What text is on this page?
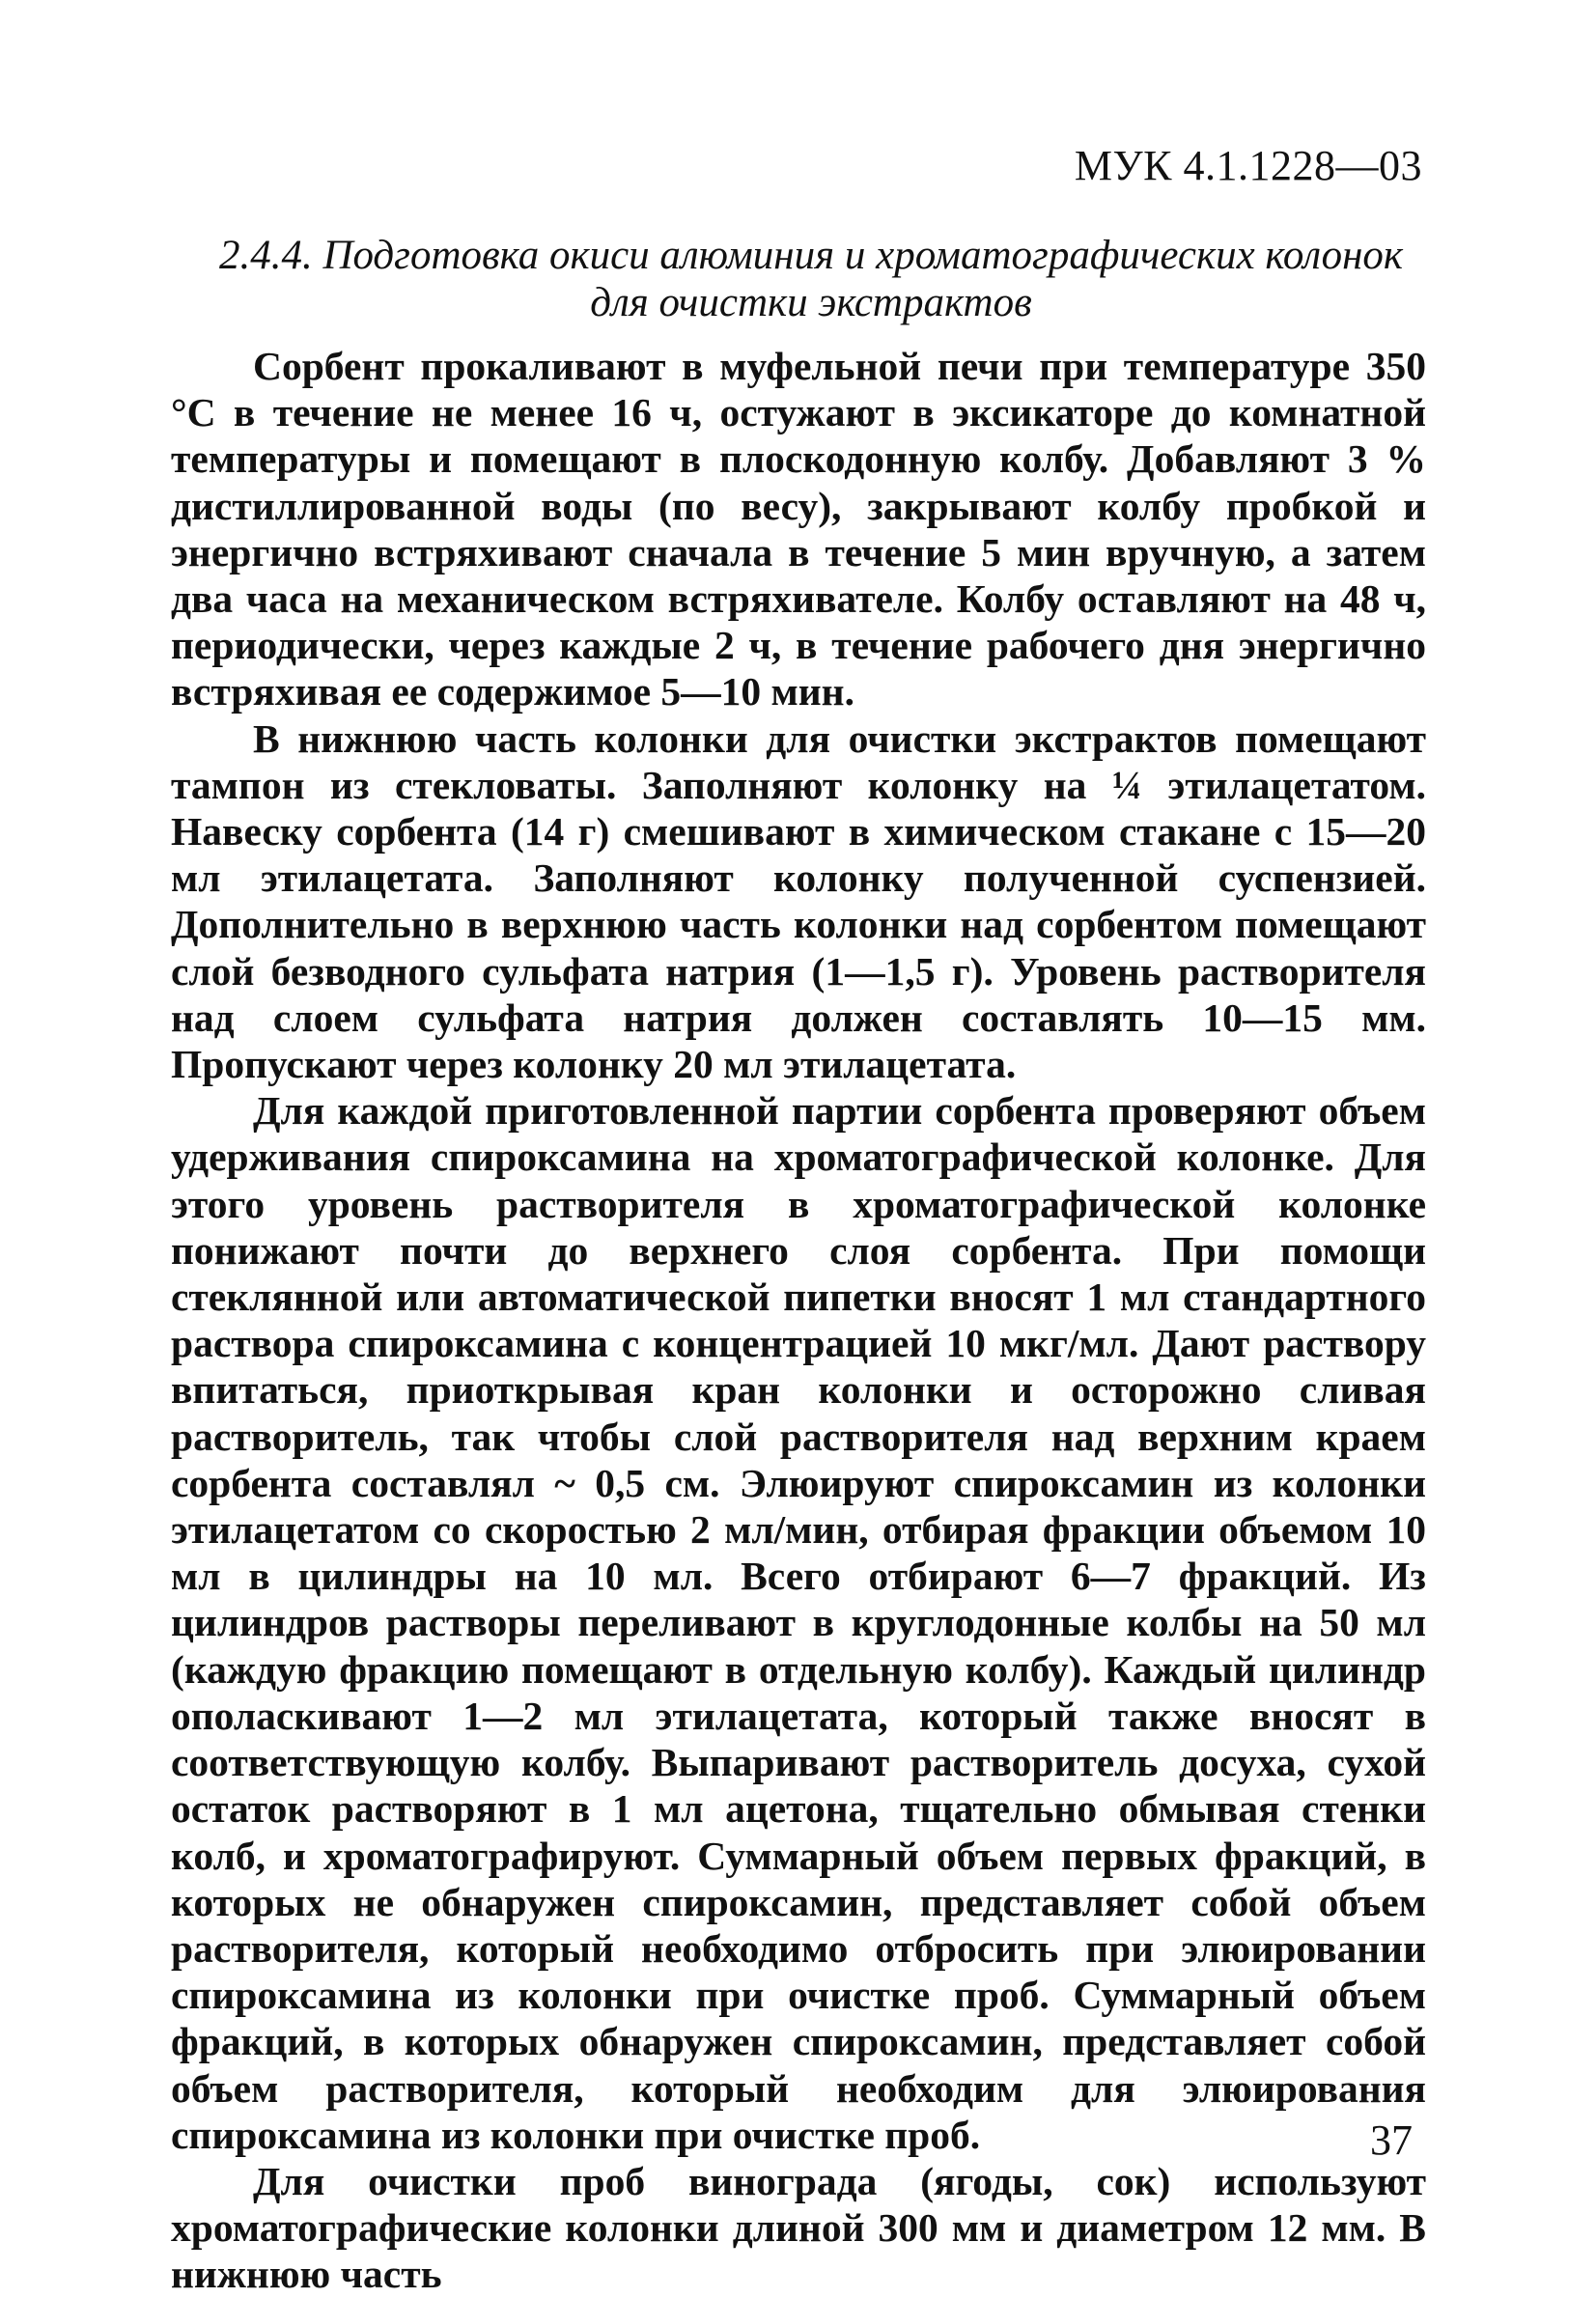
МУК 4.1.1228—03
2.4.4. Подготовка окиси алюминия и хроматографических колонок
для очистки экстрактов

Сорбент прокаливают в муфельной печи при температуре 350 °С в течение не менее 16 ч, остужают в эксикаторе до комнатной температуры и помещают в плоскодонную колбу. Добавляют 3 % дистиллированной воды (по весу), закрывают колбу пробкой и энергично встряхивают сначала в течение 5 мин вручную, а затем два часа на механическом встряхивателе. Колбу оставляют на 48 ч, периодически, через каждые 2 ч, в течение рабочего дня энергично встряхивая ее содержимое 5—10 мин.

В нижнюю часть колонки для очистки экстрактов помещают тампон из стекловаты. Заполняют колонку на ¼ этилацетатом. Навеску сорбента (14 г) смешивают в химическом стакане с 15—20 мл этилацетата. Заполняют колонку полученной суспензией. Дополнительно в верхнюю часть колонки над сорбентом помещают слой безводного сульфата натрия (1—1,5 г). Уровень растворителя над слоем сульфата натрия должен составлять 10—15 мм. Пропускают через колонку 20 мл этилацетата.

Для каждой приготовленной партии сорбента проверяют объем удерживания спироксамина на хроматографической колонке. Для этого уровень растворителя в хроматографической колонке понижают почти до верхнего слоя сорбента. При помощи стеклянной или автоматической пипетки вносят 1 мл стандартного раствора спироксамина с концентрацией 10 мкг/мл. Дают раствору впитаться, приоткрывая кран колонки и осторожно сливая растворитель, так чтобы слой растворителя над верхним краем сорбента составлял ~ 0,5 см. Элюируют спироксамин из колонки этилацетатом со скоростью 2 мл/мин, отбирая фракции объемом 10 мл в цилиндры на 10 мл. Всего отбирают 6—7 фракций. Из цилиндров растворы переливают в круглодонные колбы на 50 мл (каждую фракцию помещают в отдельную колбу). Каждый цилиндр ополаскивают 1—2 мл этилацетата, который также вносят в соответствующую колбу. Выпаривают растворитель досуха, сухой остаток растворяют в 1 мл ацетона, тщательно обмывая стенки колб, и хроматографируют. Суммарный объем первых фракций, в которых не обнаружен спироксамин, представляет собой объем растворителя, который необходимо отбросить при элюировании спироксамина из колонки при очистке проб. Суммарный объем фракций, в которых обнаружен спироксамин, представляет собой объем растворителя, который необходим для элюирования спироксамина из колонки при очистке проб.

Для очистки проб винограда (ягоды, сок) используют хроматографические колонки длиной 300 мм и диаметром 12 мм. В нижнюю часть

37
